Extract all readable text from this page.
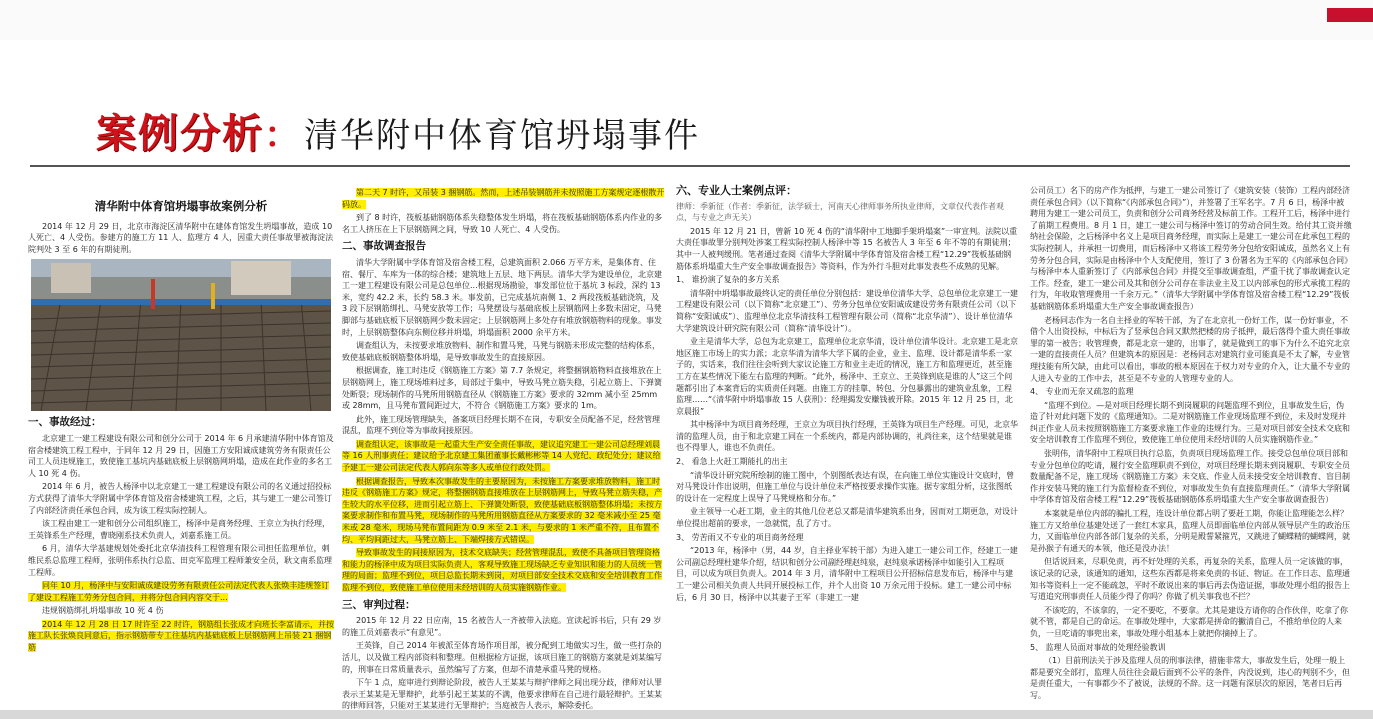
案例分析 ： 清华附中体育馆坍塌事件
清华附中体育馆坍塌事故案例分析

2014 年 12 月 29 日，北京市海淀区清华附中在建体育馆发生坍塌事故，造成 10 人死亡、4 人受伤。参建方的施工方 11 人、监理方 4 人，因重大责任事故罪被海淀法院判处 3 至 6 年的有期徒刑。

一、事故经过：

北京建工一建工程建设有限公司和创分公司于 2014 年 6 月承建清华附中体育馆及宿舍楼建筑工程工程中，于同年 12 月 29 日，因施工方安阳诚成建筑劳务有限责任公司工人员违规施工，致使施工基坑内基础底板上层钢筋网坍塌，造成在此作业的多名工人 10 死 4 伤。

2014 年 6 月，被告人杨泽中以北京建工一建工程建设有限公司的名义通过招投标方式获得了清华大学附属中学体育馆及宿舍楼建筑工程，之后，其与建工一建公司签订了内部经济责任承包合同，成为该工程实际控制人。

该工程由建工一建和创分公司组织施工，杨泽中是商务经理、王京立为执行经理，王英锋系生产经理，曹晓刚系技术负责人，刘嘉系施工员。

6 月，清华大学基建规划处委托北京华清技科工程管理有限公司担任监理单位，刺维民系总监理工程师，张明伟系执行总监、田克军监理工程师兼安全员，耿文南系监理工程师。

同年 10 月，杨泽中与安阳诚成建设劳务有限责任公司法定代表人张焕丰违规签订了建设工程施工劳务分包合同，并将分包合同内容交于...

违规钢筋绑扎坍塌事故 10 死 4 伤

2014 年 12 月 28 日 17 时许至 22 时许，钢筋组长张成才向班长李富请示，并按施工队长张焕良同意后，指示钢筋带专工往基坑内基础底板上层钢筋网上吊装 21 捆钢筋

第二天 7 时许，又吊装 3 捆钢筋。然而，上述吊装钢筋并未按照施工方案规定逐根散开码放。

到了 8 时许，筏板基础钢筋体系失稳整体发生坍塌，将在筏板基础钢筋体系内作业的多名工人挤压在上下层钢筋网之间，导致 10 人死亡、4 人受伤。

二、事故调查报告

清华大学附属中学体育馆及宿舍楼工程，总建筑面积 2.066 万平方米，是集体育、住宿、餐厅、车库为一体的综合楼；建筑地上五层、地下两层。清华大学为建设单位，北京建工一建工程建设有限公司是总包单位...根据现场勘验，事发部位位于基坑 3 标段，深约 13 米，宽约 42.2 米，长约 58.3 米。事发前，已完成基坑南侧 1、2 两段筏板基础浇筑，及 3 段下层钢筋绑扎、马凳安放等工作；马凳摆设与基础底板上层钢筋网上多数未固定，马凳脚部与基础底板下层钢筋网少数未固定；上层钢筋网上多处存有堆放钢筋物料的现象。事发时，上层钢筋整体向东侧位移并坍塌，坍塌面积 2000 余平方米。

调查组认为，未按要求堆放物料、制作和置马凳，马凳与钢筋未形成完整的结构体系，致使基础底板钢筋整体坍塌，是导致事故发生的直接原因。

根据调查，施工时违反《钢筋施工方案》第 7.7 条规定，将整捆钢筋物料直接堆放在上层钢筋网上，施工现场堆料过多，局部过于集中，导致马凳立筋失稳，引起立筋上、下弹簧处断裂；现场制作的马凳所用钢筋直径从《钢筋施工方案》要求的 32mm 减小至 25mm 或 28mm，且马凳布置间距过大，不符合《钢筋施工方案》要求的 1m。

此外，施工现场管理缺失，备案项目经理长期不在岗，专职安全员配备不足，经营管理混乱，监理不到位等为事故间接原因。

调查组认定，该事故是一起重大生产安全责任事故，建议追究建工一建公司总经理刘晨等 16 人刑事责任；建议给予北京建工集团董事长戴彬彬等 14 人党纪、政纪处分；建议给予建工一建公司法定代表人郭向东等多人或单位行政处罚。

根据调查报告，导致本次事故发生的主要原因为，未按施工方案要求堆放物料，施工时违反《钢筋施工方案》规定，将整捆钢筋直接堆放在上层钢筋网上，导致马凳立筋失稳，产生较大的水平位移，进而引起立筋上、下弹簧处断裂，致使基础底板钢筋整体坍塌；未按方案要求制作和布置马凳，现场制作的马凳所用钢筋直径从方案要求的 32 毫米减小至 25 毫米或 28 毫米，现场马凳布置间距为 0.9 米至 2.1 米，与要求的 1 米严重不符，且布置不均、平均间距过大，马凳立筋上、下端焊接方式错误。

导致事故发生的间接原因为，技术交底缺失；经营管理混乱，致使不具备项目管理资格和能力的杨泽中成为项目实际负责人，客观导致施工现场缺乏专业知识和能力的人员统一管理的局面；监理不到位，项目总监长期未到岗，对项目部安全技术交底和安全培训教育工作监理不到位，致使施工单位使用未经培训的人员实施钢筋作业。

三、审判过程：

2015 年 12 月 22 日应南，15 名被告人一齐被带入法庭。宣读起诉书后，只有 29 岁的施工员刘嘉表示“有意见”。

王英锋，自己 2014 年被派至体育场作项目部，被分配到工地做实习生，做一些打杂的活儿，以及做工程内部资料和整理。但根据检方证据，该项目施工的钢筋方案就是刘某编写的，刑事在日常质量表示，虽然编写了方案，但却不清楚承重马凳的规格。

下午 1 点，庭审进行到辩论阶段，被告人王某某与辩护律师之间出现分歧，律师对认罪表示王某某是无罪辩护，此举引起王某某的不满，他要求律师在自己进行最轻辩护。王某某的律师回答，只能对王某某进行无罪辩护；当庭被告人表示，解除委托。

六、专业人士案例点评：

律师：季新征（作者：季新征，法学硕士，河南天心律师事务所执业律师，文章仅代表作者观点，与专业之声无关）

2015 年 12 月 21 日，曾新 10 死 4 伤的“清华附中工地脚手架坍塌案”一审宣判。法院以重大责任事故罪分别判处涉案工程实际控制人杨泽中等 15 名被告人 3 年至 6 年不等的有期徒刑；其中一人被判缓刑。笔者通过查阅《清华大学附属中学体育馆及宿舍楼工程“12.29”筏板基础钢筋体系坍塌重大生产安全事故调查报告》等资料，作为外行斗胆对此事发表些不成熟的见解。

1、 谁扮演了复杂的多方关系

清华附中坍塌事故最终认定的责任单位分别包括：建设单位清华大学、总包单位北京建工一建工程建设有限公司（以下简称“北京建工”）、劳务分包单位安阳诚成建设劳务有限责任公司（以下简称“安阳诚成”）、监理单位北京华清技科工程管理有限公司（简称“北京华清”）、设计单位清华大学建筑设计研究院有限公司（简称“清华设计”）。

业主是清华大学，总包为北京建工，监理单位北京华清，设计单位清华设计。北京建工是北京地区施工市场上的实力派；北京华清为清华大学下属的企业，业主、监理、设计都是清华系一家子的，实话来，我们往往会听到大家议论施工方和业主走近的情况，施工方和监理更近，甚至施工方在某些情况下能左右监理的判断。“此外，杨泽中、王京立、王英锋到底是谁的人”这三个问题都引出了本案背后的实质责任问题。由施工方的挂靠、转包、分包暴露出的建筑业乱象，工程监理……“《清华附中坍塌事故 15 人获刑》：经理揭发安赚钱被开除。2015 年 12 月 25 日，北京晨报”

其中杨泽中为项目商务经理，王京立为项目执行经理，王英锋为项目生产经理。可见，北京华清的监理人员，由于和北京建工同在一个系统内，都是内部协调的，礼尚往来，这个结果就是谁也不得罪人，谁也不负责任。

2、 看急上火赶工期能扎的出主

“清华设计研究院所绘制的施工图中，个别图纸表达有误，在向施工单位实施设计交底时，曾对马凳设计作出说明，但施工单位与设计单位未严格按要求操作实施。据专家组分析，这张图纸的设计在一定程度上误导了马凳规格和分布。”

业主领导一心赶工期，业主的其他几位老总又都是清华建筑系出身，因而对工期更急，对设计单位提出超前的要求，一急就慌，乱了方寸。

3、 劳苦雨又不专业的项目商务经理

“2013 年，杨泽中（男，44 岁，自主择业军转干部）为进入建工一建公司工作，经建工一建公司副总经理杜建华介绍，结识和创分公司副经理赵纯泉，赵纯泉承诺杨泽中如能引入工程项目，可以成为项目负责人。2014 年 3 月，清华附中工程项目公开招标信息发布后，杨泽中与建工一建公司相关负责人共同开展投标工作，并个人出资 10 万余元用于投标。建工一建公司中标后，6 月 30 日，杨泽中以其妻子王军（非建工一建

公司员工）名下的房产作为抵押，与建工一建公司签订了《建筑安装（装饰）工程内部经济责任承包合同》（以下简称“《内部承包合同》”），并签署了王军名字。7 月 6 日，杨泽中被聘用为建工一建公司员工，负责和创分公司商务经营及标前工作。工程开工后，杨泽中进行了前期工程费用。8 月 1 日，建工一建公司与杨泽中签订的劳动合同生效。给付其工资并缴纳社会保险，之后杨泽中名义上是项目商务经理，而实际上是建工一建公司在此承包工程的实际控制人，并承担一切费用，而后杨泽中又将该工程劳务分包给安阳诚成，虽然名义上有劳务分包合同，实际是由杨泽中个人支配使用，签订了 3 份署名为王军的《内部承包合同》与杨泽中本人重新签订了《内部承包合同》并提交至事故调查组，严重干扰了事故调查认定工作。经查，建工一建公司及其和创分公司存在非法业主及工以内部承包的形式承揽工程的行为，年收取管理费用一千余万元。”（清华大学附属中学体育馆及宿舍楼工程“12.29”筏板基础钢筋体系坍塌重大生产安全事故调查报告）

老杨同志作为一名自主择业的军转干部，为了在北京扎一份好工作，谋一份好事业，不借个人出资投标，中标后为了竖承包合同又默然把楼的房子抵押，最后落得个重大责任事故罪的第一被告；收管理费，都是北京一建的，出事了，就是做到工的事下为什么不追究北京一建的直接责任人员？但建筑本的原因是：老杨同志对建筑行业可能真是不太了解，专业管理技能有所欠缺，由此可以看出，事故的根本原因在于权力对专业的介入，让大量不专业的人进入专业的工作中去，甚至是不专业的人管理专业的人。

4、 专业而无奈又疏忽的监理

“监理不到位。—是对项目经理长期不到岗履职的问题监理不到位，且事故发生后，伪造了针对此问题下发的《监理通知》。二是对钢筋施工作业现场监理不到位，未及时发现并纠正作业人员未按照钢筋施工方案要求施工作业的违规行为。三是对项目部安全技术交底和安全培训教育工作监理不到位，致使施工单位使用未经培训的人员实施钢筋作业。”

张明伟，清华附中工程项目执行总监，负责项目现场监理工作。接受总包单位项目部和专业分包单位的吃请，履行安全监理职责不到位，对项目经理长期未到岗履职、专职安全员数量配备不足，施工现场《钢筋施工方案》未交底、作业人员未接受安全培训教育、盲目制作并安装马凳的施工行为监督检查不到位，对事故发生负有直接监理责任。”（清华大学附属中学体育馆及宿舍楼工程“12.29”筏板基础钢筋体系坍塌重大生产安全事故调查报告）

本案就是单位内部的骗扎工程，连设计单位都占明了要赶工期，你能让监理能怎么样？施工方又给单位基建处送了一套红木家具，监理人员即面临单位内部从领导层产生的政治压力，又面临单位内部各部门复杂的关系，分明是殿誓紧箍咒，又跳进了蝴蝶精的蝴蝶网，就是孙猴子有通天的本领，他还是没办法！

但话说回来，尽职免责，再不好处理的关系，再复杂的关系，监理人员一定该做的事，该记录的记录，该通知的通知，这些东西都是将来免责的书证、物证。在工作日志、监理通知书等资料上一定不能疏忽，平时不敢说出来的事后再去伪造证据，事故处理小组的报告上写道追究刑事责任人员能少得了你吗？你做了机关事我也不拦？

不该吃的，不该拿的，一定不要吃，不要拿。尤其是建设方请你的合作伙伴，吃拿了你就不管，都是自己的命运。在事故处理中，大家都是拼命的撇清自己，不推给单位的人来负，一旦吃请的事兜出来，事故处理小组基本上就把你摘掉上了。

5、 监理人员面对事故的处理经验教训

（1）目前刑法关于涉及监理人员的刑事法律，措施非常大，事故发生后，处理一般上都是要究全部打，监理人员往往会最后面到不公平的条件，内没说到，违心的判别不少，但是责任重大，一有事都少不了被说，法规的不辞。这一问题有深层次的原因，笔者日后再写。
